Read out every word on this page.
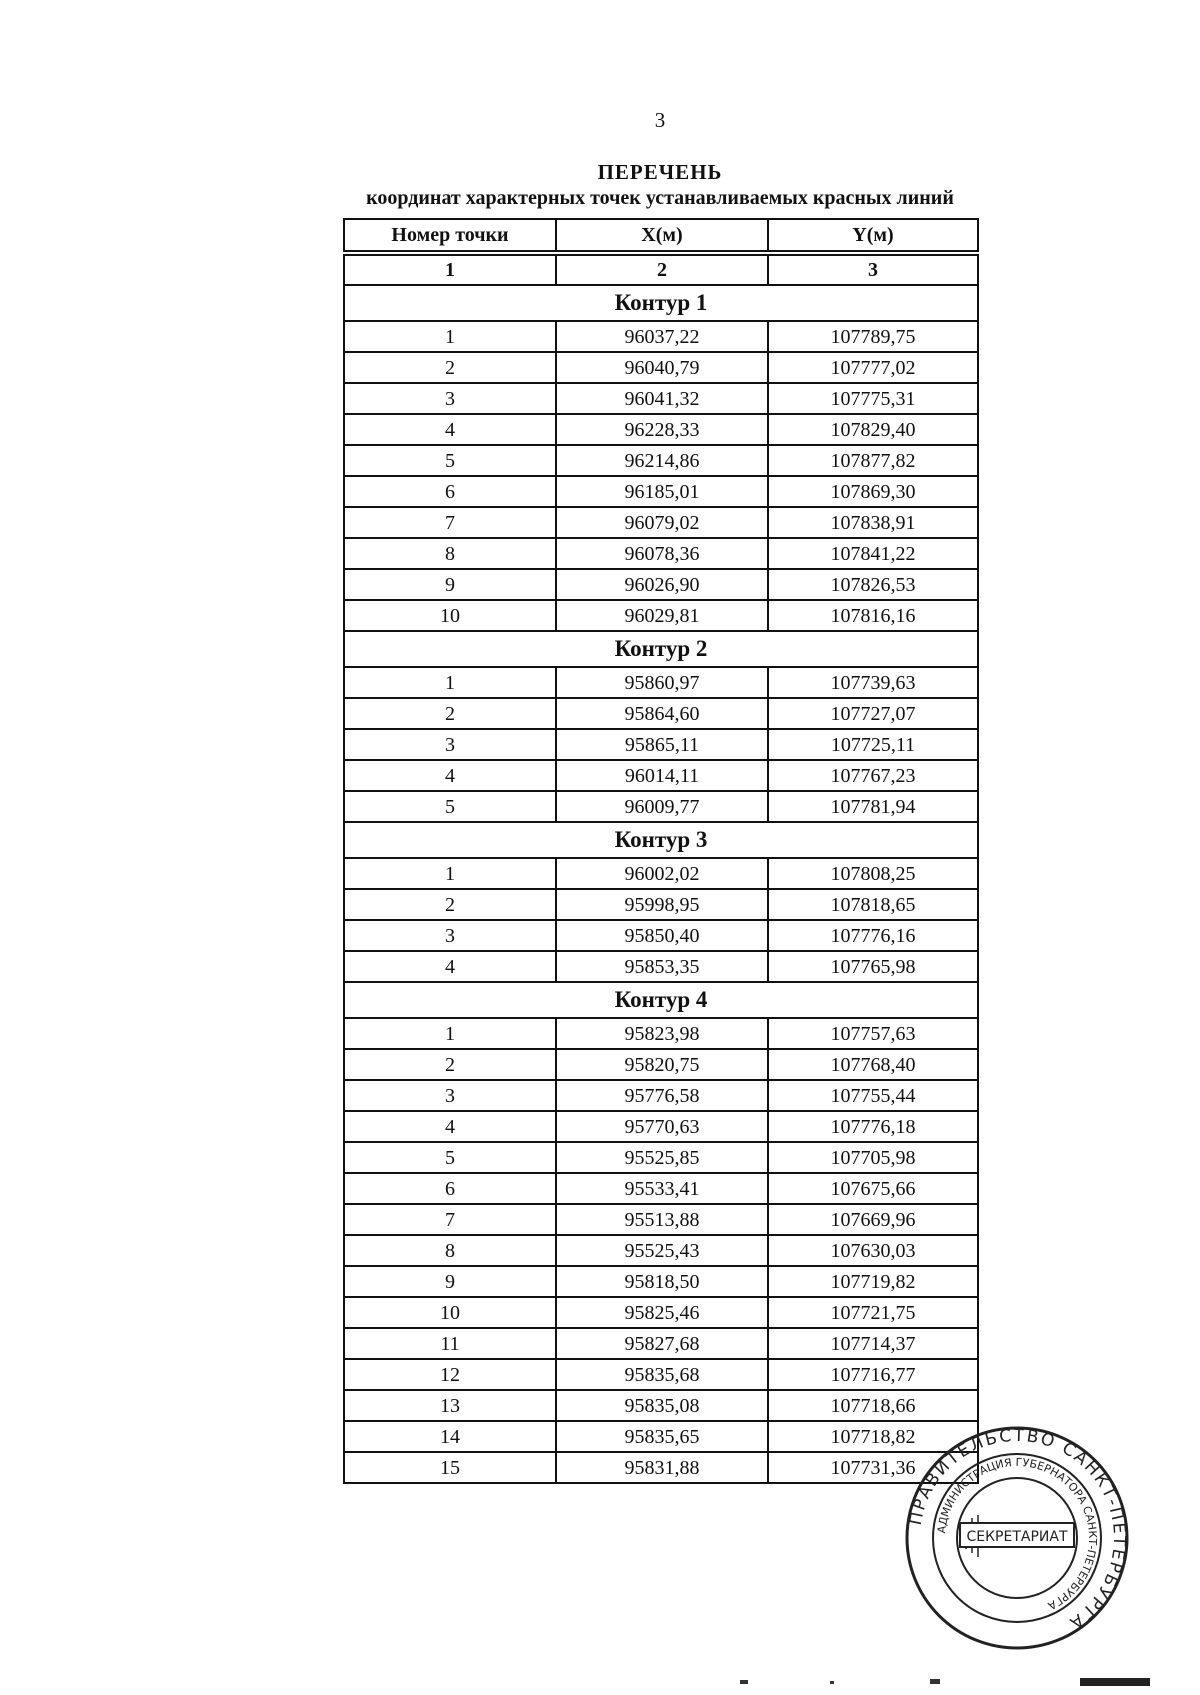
3
ПЕРЕЧЕНЬ
координат характерных точек устанавливаемых красных линий
Номер точки	X(м)	Y(м)
1	2	3
Контур 1		
1	96037,22	107789,75
2	96040,79	107777,02
3	96041,32	107775,31
4	96228,33	107829,40
5	96214,86	107877,82
6	96185,01	107869,30
7	96079,02	107838,91
8	96078,36	107841,22
9	96026,90	107826,53
10	96029,81	107816,16
Контур 2		
1	95860,97	107739,63
2	95864,60	107727,07
3	95865,11	107725,11
4	96014,11	107767,23
5	96009,77	107781,94
Контур 3		
1	96002,02	107808,25
2	95998,95	107818,65
3	95850,40	107776,16
4	95853,35	107765,98
Контур 4		
1	95823,98	107757,63
2	95820,75	107768,40
3	95776,58	107755,44
4	95770,63	107776,18
5	95525,85	107705,98
6	95533,41	107675,66
7	95513,88	107669,96
8	95525,43	107630,03
9	95818,50	107719,82
10	95825,46	107721,75
11	95827,68	107714,37
12	95835,68	107716,77
13	95835,08	107718,66
14	95835,65	107718,82
15	95831,88	107731,36
ПРАВИТЕЛЬСТВО САНКТ-ПЕТЕРБУРГА
АДМИНИСТРАЦИЯ ГУБЕРНАТОРА САНКТ-ПЕТЕРБУРГА
СЕКРЕТАРИАТ
